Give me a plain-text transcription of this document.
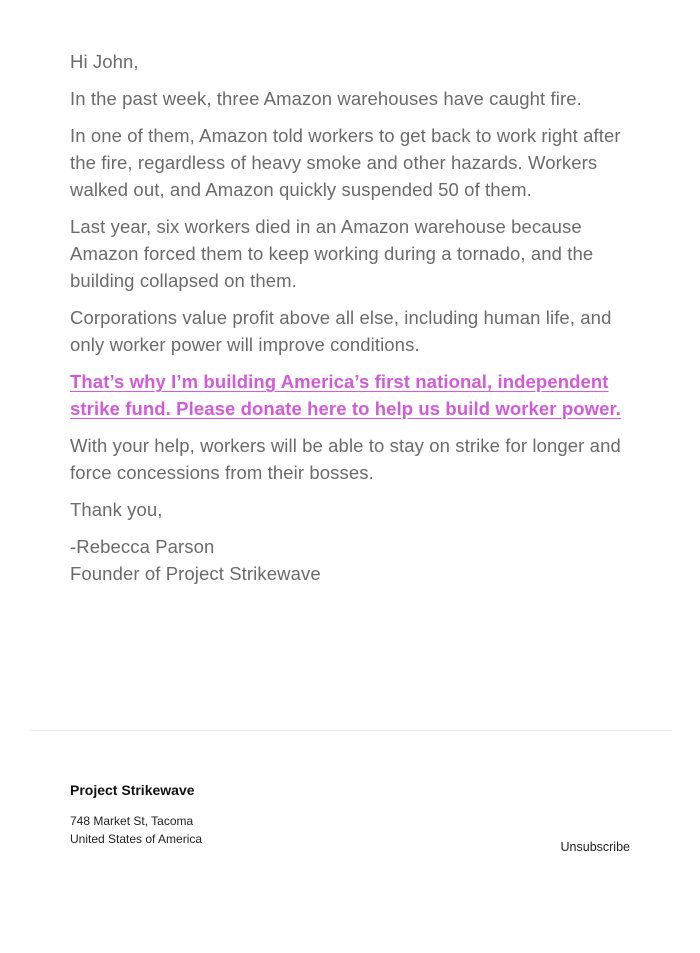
Hi John,

In the past week, three Amazon warehouses have caught fire.

In one of them, Amazon told workers to get back to work right after the fire, regardless of heavy smoke and other hazards. Workers walked out, and Amazon quickly suspended 50 of them.

Last year, six workers died in an Amazon warehouse because Amazon forced them to keep working during a tornado, and the building collapsed on them.

Corporations value profit above all else, including human life, and only worker power will improve conditions.

That’s why I’m building America’s first national, independent strike fund. Please donate here to help us build worker power.

With your help, workers will be able to stay on strike for longer and force concessions from their bosses.

Thank you,

-Rebecca Parson
Founder of Project Strikewave

Project Strikewave
748 Market St, Tacoma
United States of America
Unsubscribe
